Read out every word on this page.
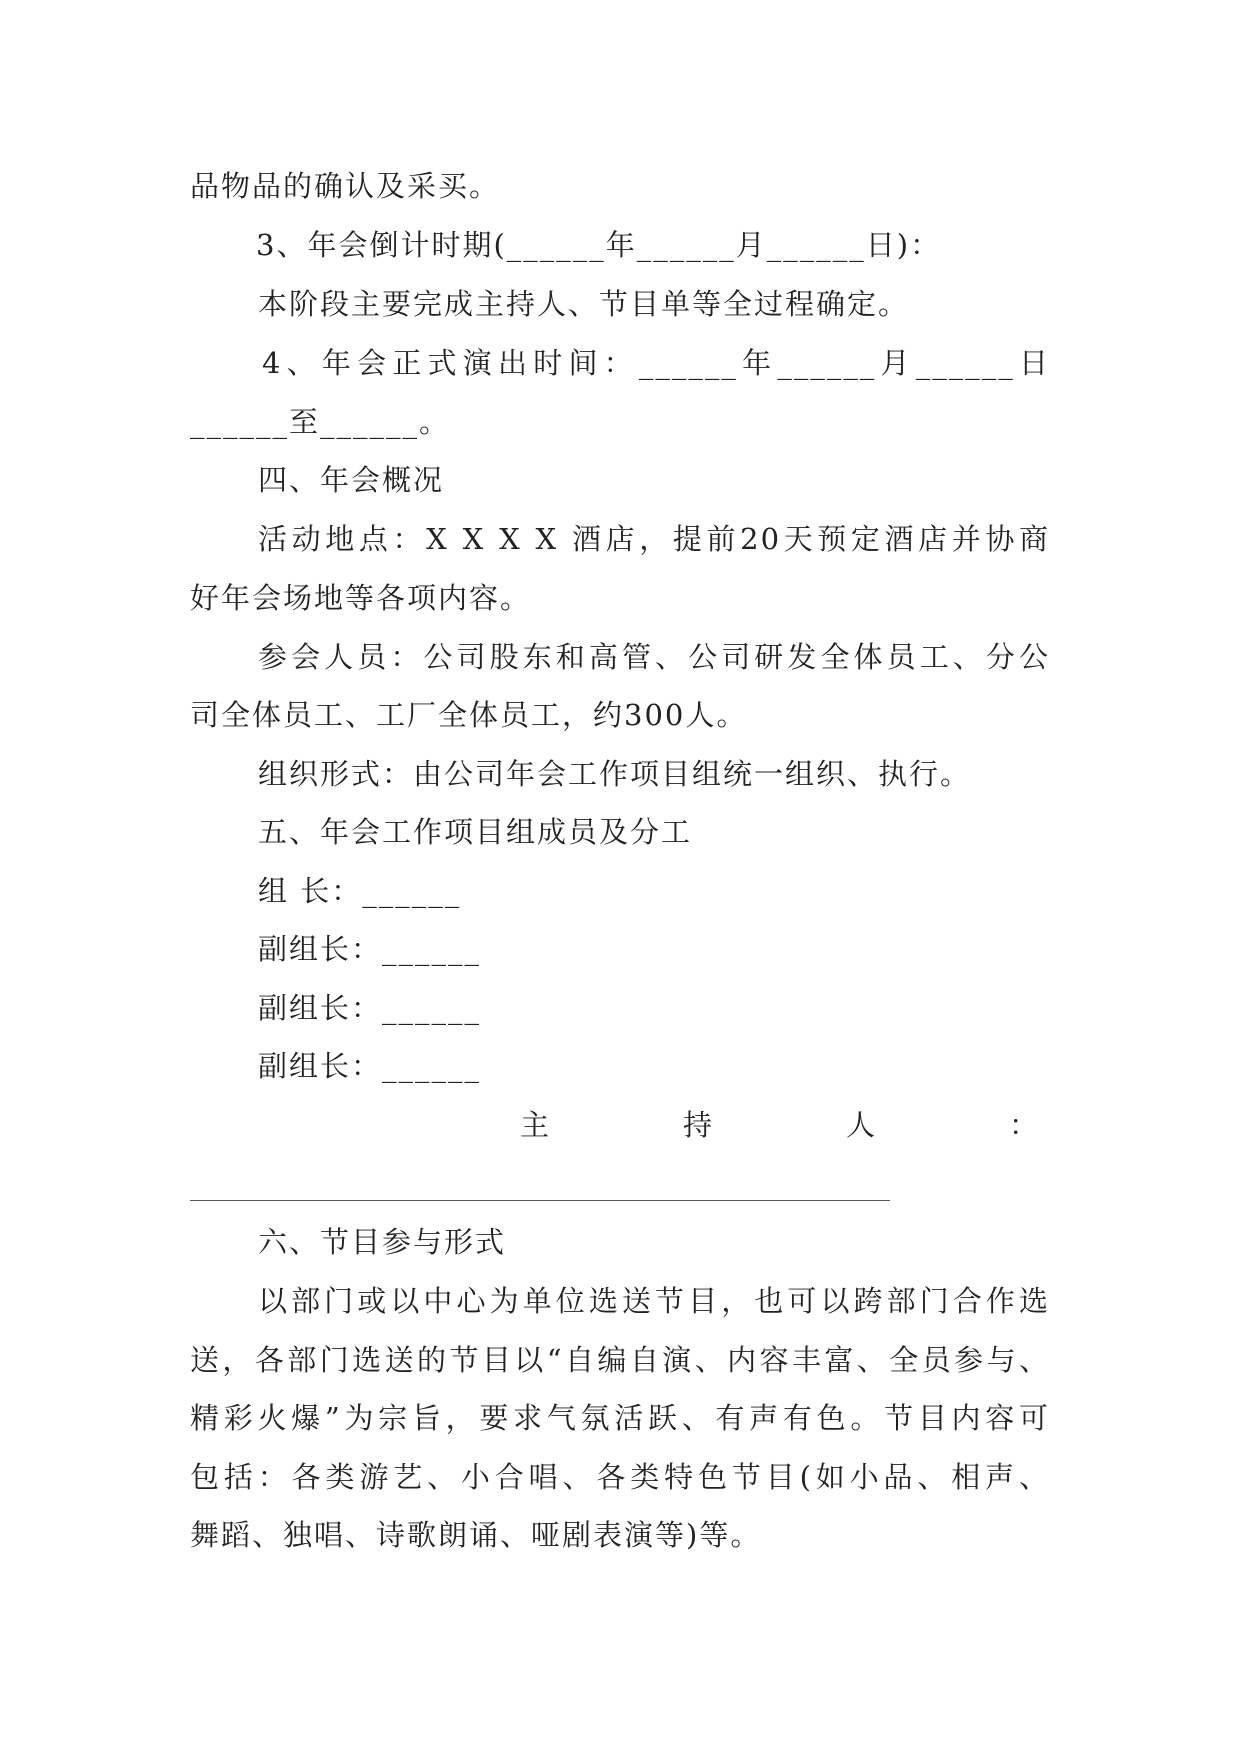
品物品的确认及采买。
3、年会倒计时期(______年______月______日)：
本阶段主要完成主持人、节目单等全过程确定。
4、年会正式演出时间：______年______月______日
______至______。
四、年会概况
活动地点：X X X X 酒店，提前20天预定酒店并协商
好年会场地等各项内容。
参会人员：公司股东和高管、公司研发全体员工、分公
司全体员工、工厂全体员工，约300人。
组织形式：由公司年会工作项目组统一组织、执行。
五、年会工作项目组成员及分工
组 长：______
副组长：______
副组长：______
副组长：______
主持人：
六、节目参与形式
以部门或以中心为单位选送节目，也可以跨部门合作选
送，各部门选送的节目以“自编自演、内容丰富、全员参与、
精彩火爆”为宗旨，要求气氛活跃、有声有色。节目内容可
包括：各类游艺、小合唱、各类特色节目(如小品、相声、
舞蹈、独唱、诗歌朗诵、哑剧表演等)等。
